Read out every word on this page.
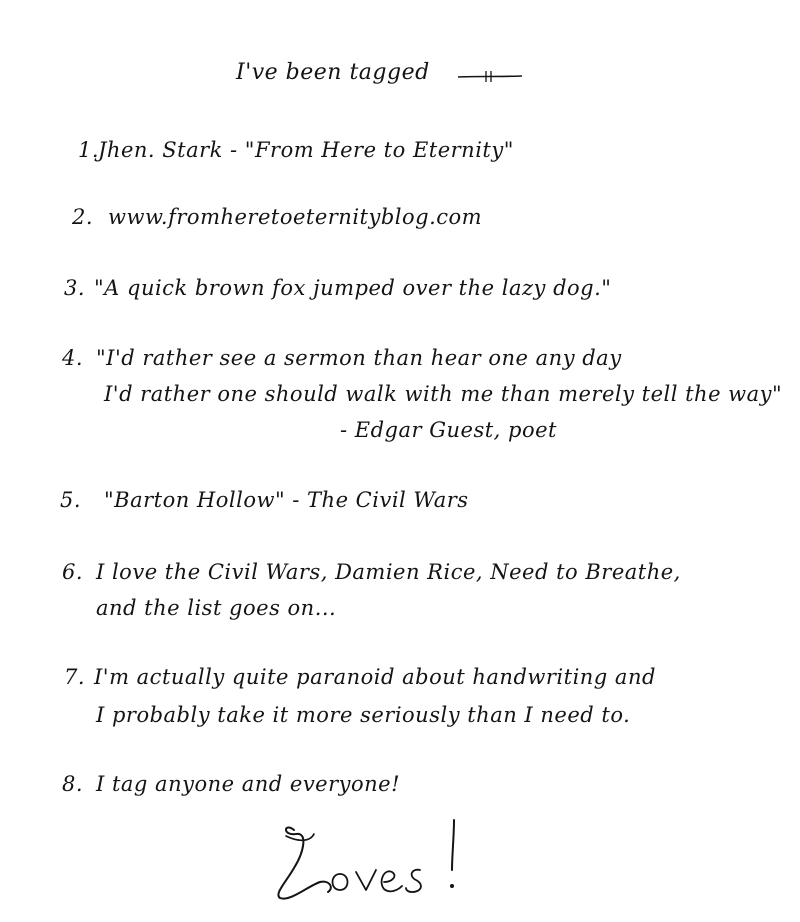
I've been tagged
1.
Jhen. Stark - "From Here to Eternity"
2. www.fromheretoeternityblog.com
3. "A quick brown fox jumped over the lazy dog."
4. "I'd rather see a sermon than hear one any day
I'd rather one should walk with me than merely tell the way"
- Edgar Guest, poet
5. "Barton Hollow" - The Civil Wars
6. I love the Civil Wars, Damien Rice, Need to Breathe,
and the list goes on...
7. I'm actually quite paranoid about handwriting and
I probably take it more seriously than I need to.
8. I tag anyone and everyone!
